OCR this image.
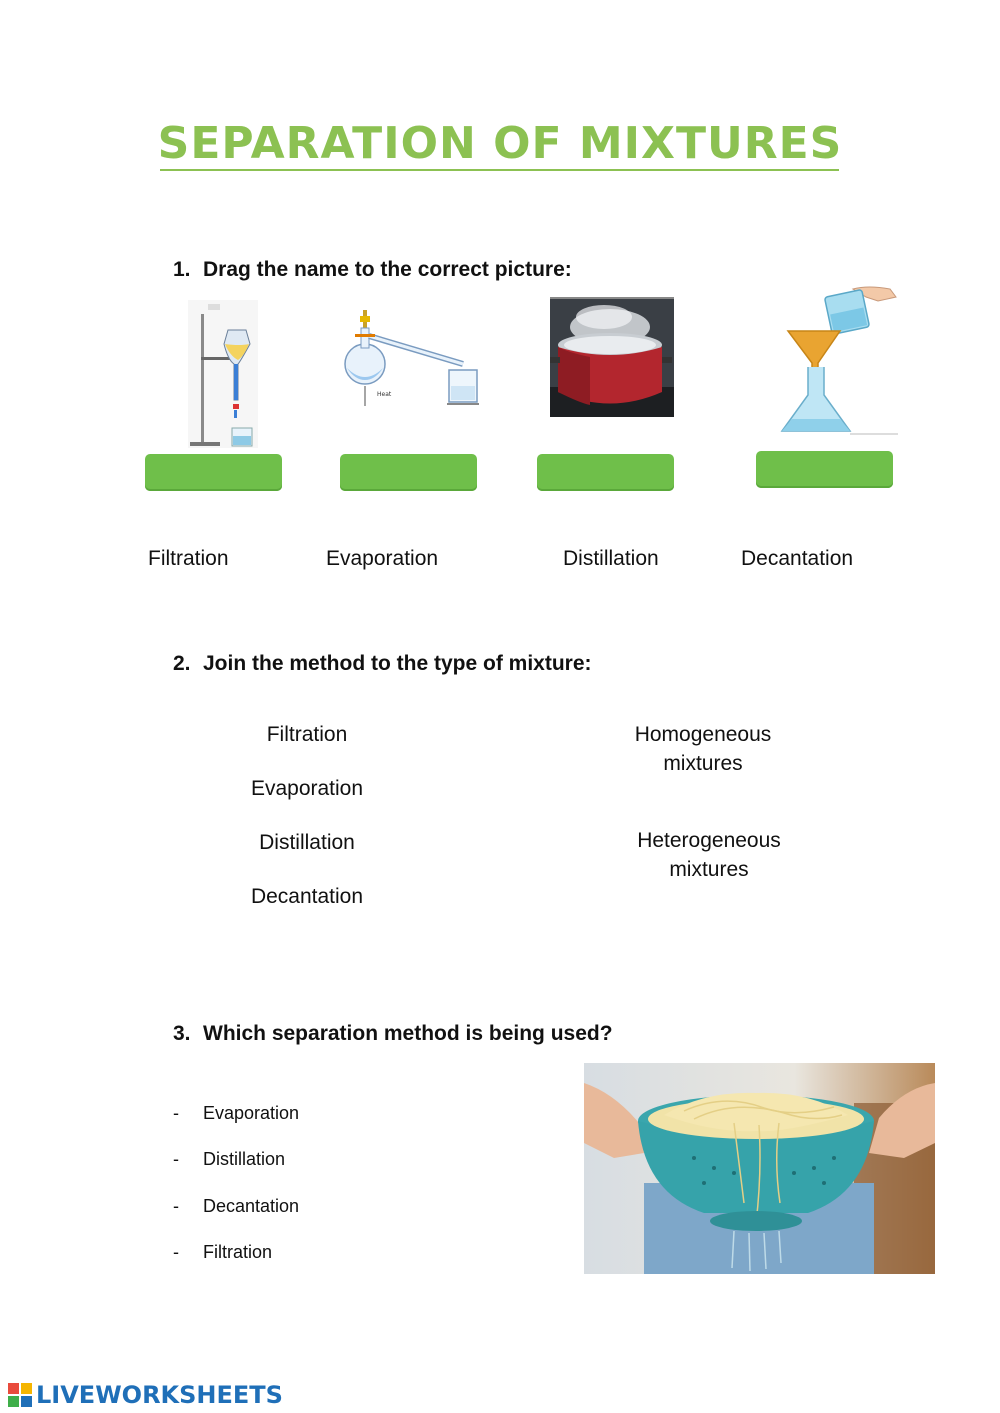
SEPARATION OF MIXTURES
1. Drag the name to the correct picture:
Heat
Filtration	Evaporation	Distillation	Decantation
2. Join the method to the type of mixture:
Filtration
Evaporation
Distillation
Decantation
Homogeneous
mixtures
Heterogeneous
mixtures
3. Which separation method is being used?
- Evaporation
- Distillation
- Decantation
- Filtration
LIVEWORKSHEETS
